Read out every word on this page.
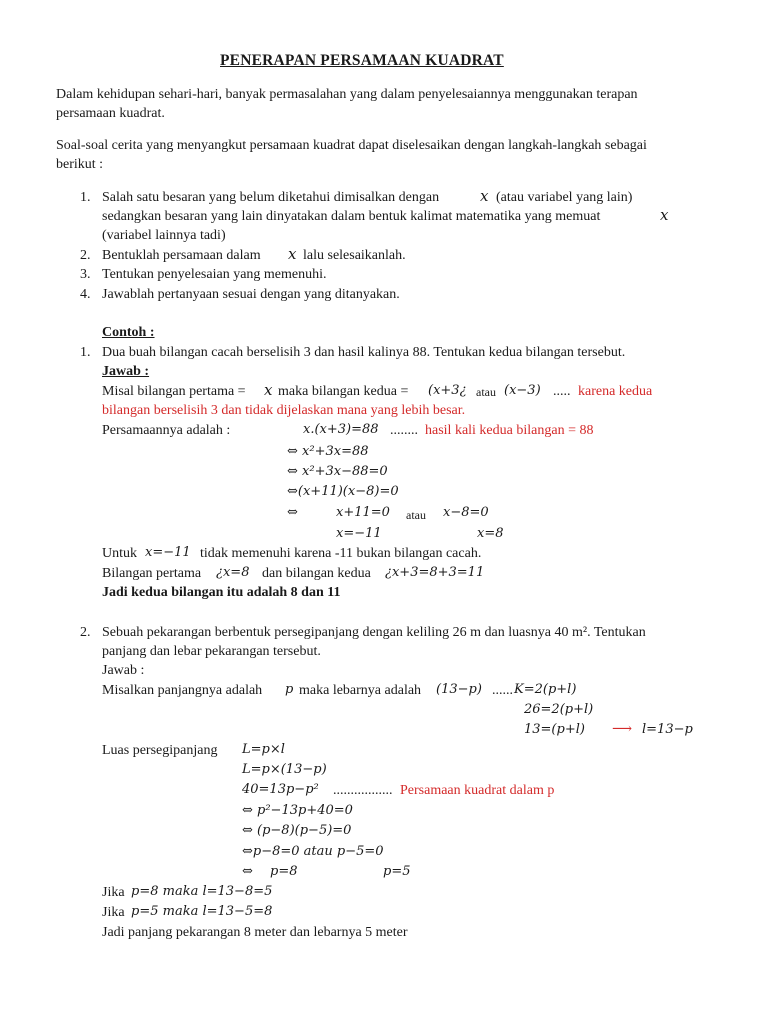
PENERAPAN PERSAMAAN KUADRAT
Dalam kehidupan sehari-hari, banyak permasalahan yang dalam penyelesaiannya menggunakan terapan
persamaan kuadrat.
Soal-soal cerita yang menyangkut persamaan kuadrat dapat diselesaikan dengan langkah-langkah sebagai
berikut :
1. Salah satu besaran yang belum diketahui dimisalkan dengan	x (atau variabel yang lain)
sedangkan besaran yang lain dinyatakan dalam bentuk kalimat matematika yang memuat	x
(variabel lainnya tadi)
2. Bentuklah persamaan dalam x lalu selesaikanlah.
3. Tentukan penyelesaian yang memenuhi.
4. Jawablah pertanyaan sesuai dengan yang ditanyakan.
Contoh :
1. Dua buah bilangan cacah berselisih 3 dan hasil kalinya 88. Tentukan kedua bilangan tersebut.
Jawab :
Misal bilangan pertama = x maka bilangan kedua = (x+3¿ atau (x−3) ..... karena kedua
bilangan berselisih 3 dan tidak dijelaskan mana yang lebih besar.
Persamaannya adalah :	x.(x+3)=88 ........ hasil kali kedua bilangan = 88
⇔ x²+3x=88
⇔ x²+3x−88=0
⇔(x+11)(x−8)=0
⇔	x+11=0 atau x−8=0
x=−11	x=8
Untuk x=−11 tidak memenuhi karena -11 bukan bilangan cacah.
Bilangan pertama ¿x=8 dan bilangan kedua ¿x+3=8+3=11
Jadi kedua bilangan itu adalah 8 dan 11
2. Sebuah pekarangan berbentuk persegipanjang dengan keliling 26 m dan luasnya 40 m². Tentukan
panjang dan lebar pekarangan tersebut.
Jawab :
Misalkan panjangnya adalah p maka lebarnya adalah (13−p) ...... K=2(p+l)
26=2(p+l)
13=(p+l) ⟶ l=13−p
Luas persegipanjang L=p×l
L=p×(13−p)
40=13p−p² ................. Persamaan kuadrat dalam p
⇔ p²−13p+40=0
⇔ (p−8)(p−5)=0
⇔p−8=0 atau p−5=0
⇔ p=8	p=5
Jika p=8 maka l=13−8=5
Jika p=5 maka l=13−5=8
Jadi panjang pekarangan 8 meter dan lebarnya 5 meter
